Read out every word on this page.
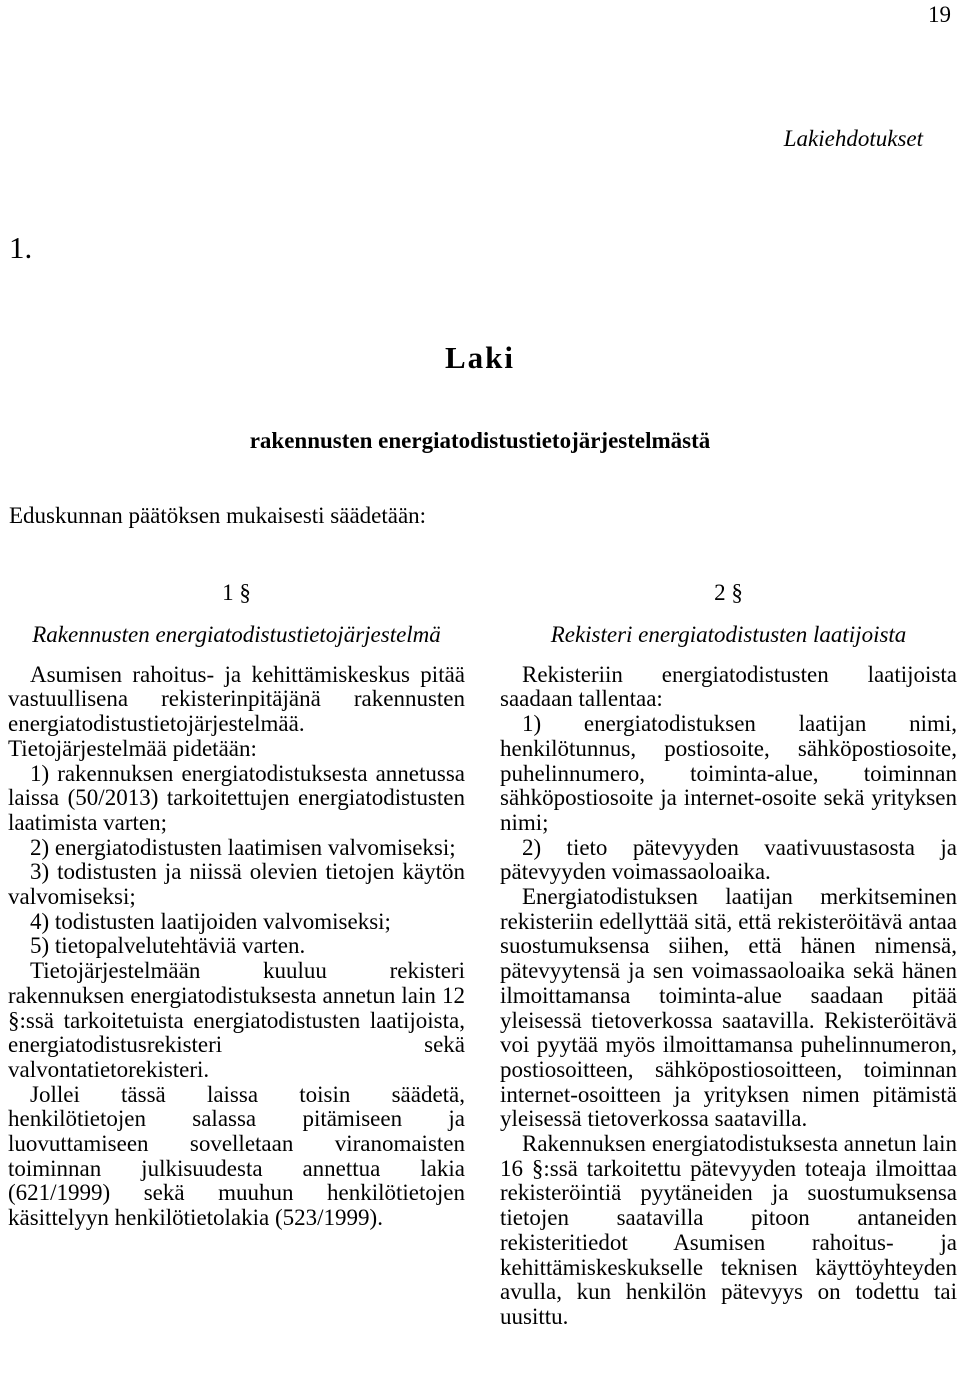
19
Lakiehdotukset
1.
Laki
rakennusten energiatodistustietojärjestelmästä
Eduskunnan päätöksen mukaisesti säädetään:
1 §
Rakennusten energiatodistustietojärjestelmä

Asumisen rahoitus- ja kehittämiskeskus pitää vastuullisena rekisterinpitäjänä rakennusten energiatodistustietojärjestelmää. Tietojärjestelmää pidetään:

1) rakennuksen energiatodistuksesta annetussa laissa (50/2013) tarkoitettujen energiatodistusten laatimista varten;

2) energiatodistusten laatimisen valvomiseksi;

3) todistusten ja niissä olevien tietojen käytön valvomiseksi;

4) todistusten laatijoiden valvomiseksi;

5) tietopalvelutehtäviä varten.

Tietojärjestelmään kuuluu rekisteri rakennuksen energiatodistuksesta annetun lain 12 §:ssä tarkoitetuista energiatodistusten laatijoista, energiatodistusrekisteri sekä valvontatietorekisteri.

Jollei tässä laissa toisin säädetä, henkilötietojen salassa pitämiseen ja luovuttamiseen sovelletaan viranomaisten toiminnan julkisuudesta annettua lakia (621/1999) sekä muuhun henkilötietojen käsittelyyn henkilötietolakia (523/1999).

2 §
Rekisteri energiatodistusten laatijoista

Rekisteriin energiatodistusten laatijoista saadaan tallentaa:

1) energiatodistuksen laatijan nimi, henkilötunnus, postiosoite, sähköpostiosoite, puhelinnumero, toiminta-alue, toiminnan sähköpostiosoite ja internet-osoite sekä yrityksen nimi;

2) tieto pätevyyden vaativuustasosta ja pätevyyden voimassaoloaika.

Energiatodistuksen laatijan merkitseminen rekisteriin edellyttää sitä, että rekisteröitävä antaa suostumuksensa siihen, että hänen nimensä, pätevyytensä ja sen voimassaoloaika sekä hänen ilmoittamansa toiminta-alue saadaan pitää yleisessä tietoverkossa saatavilla. Rekisteröitävä voi pyytää myös ilmoittamansa puhelinnumeron, postiosoitteen, sähköpostiosoitteen, toiminnan internet-osoitteen ja yrityksen nimen pitämistä yleisessä tietoverkossa saatavilla.

Rakennuksen energiatodistuksesta annetun lain 16 §:ssä tarkoitettu pätevyyden toteaja ilmoittaa rekisteröintiä pyytäneiden ja suostumuksensa tietojen saatavilla pitoon antaneiden rekisteritiedot Asumisen rahoitus- ja kehittämiskeskukselle teknisen käyttöyhteyden avulla, kun henkilön pätevyys on todettu tai uusittu.
